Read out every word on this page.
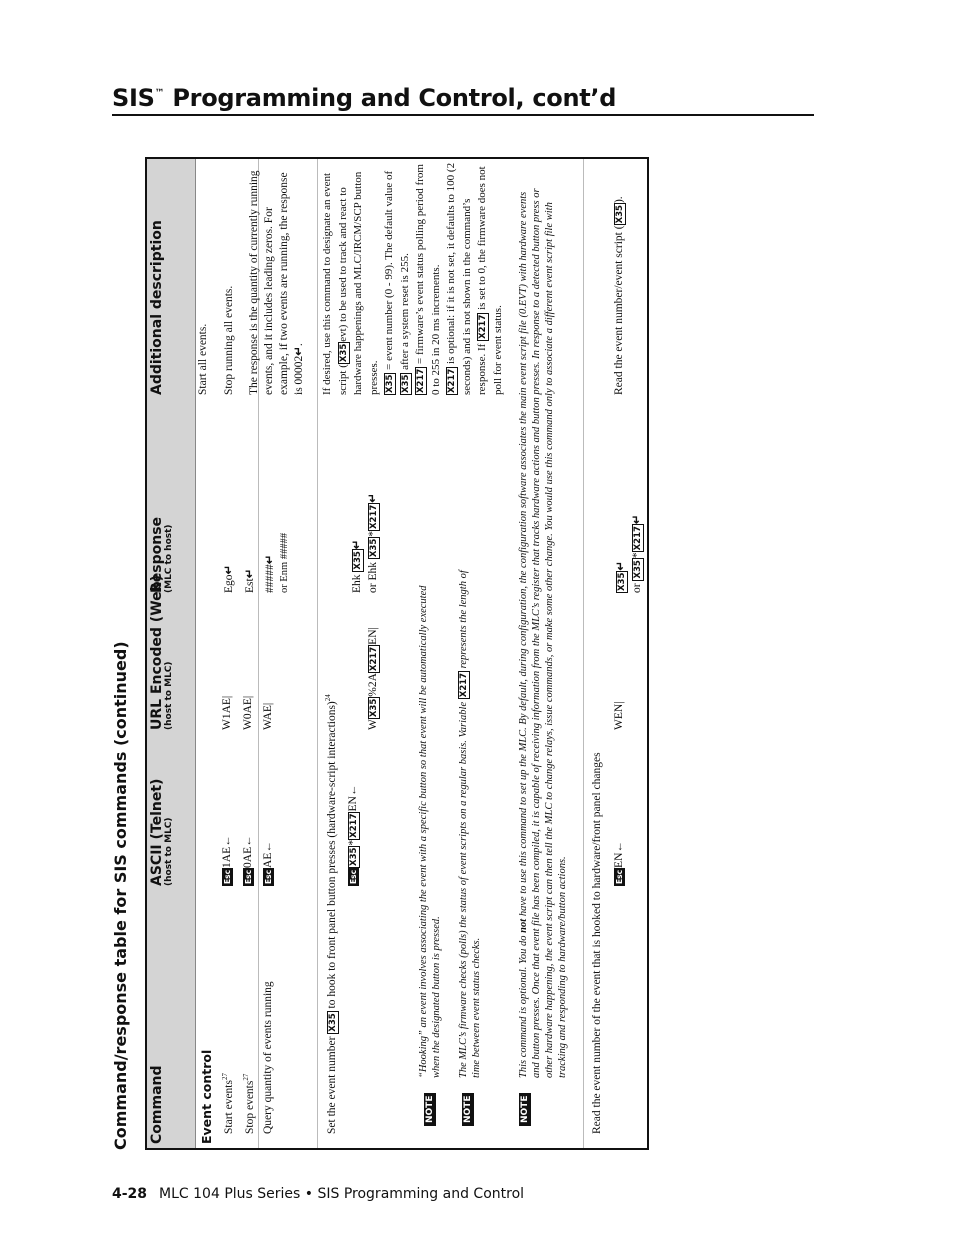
SIS™ Programming and Control, cont’d
Command/response table for SIS commands (continued) Command
ASCII (Telnet) (host to MLC)
URL Encoded (Web) (host to MLC)
Response (MLC to host)
Additional description
Event control Start events$^{27}$
Esc1AE ←
W1AE|
Ego ↵
Start all events.
Stop events$^{27}$
Esc0AE ←
W0AE|
Est ↵
Stop running all events.
Query quantity of events running
EscAE ←
WAE|
##### ↵ or Enm #####
The response is the quantity of currently running events, and it includes leading zeros. For example, if two events are running, the response is 00002 ↵.
Set the event number X35 to hook to front panel button presses (hardware-script interactions)$^{24}$
EscX35*X217EN ←
WX35%2AX217EN|
Ehk X35 ↵
or Ehk X35*X217 ↵
If desired, use this command to designate an event script (X35evt) to be used to track and react to hardware happenings and MLC/IRCM/SCP button presses. X35 = event number (0 - 99). The default value of X35 after a system reset is 255.
X217 = firmware’s event status polling period from 0 to 255 in 20 ms increments. X217 is optional: if it is not set, it defaults to 100 (2 seconds) and is not shown in the command’s response. If X217 is set to 0, the firmware does not poll for event status.
NOTE
“Hooking” an event involves associating the event with a specific button so that event will be automatically executed when the designated button is pressed.
NOTE
The MLC’s firmware checks (polls) the status of event scripts on a regular basis. Variable X217 represents the length of time between event status checks.
NOTE
This command is optional. You do not have to use this command to set up the MLC. By default, during configuration, the configuration software associates the main event script file (0.EVT) with hardware events and button presses. Once that event file has been compiled, it is capable of receiving information from the MLC’s register that tracks hardware actions and button presses. In response to a detected button press or other hardware happening, the event script can then tell the MLC to change relays, issue commands, or make some other change. You would use this command only to associate a different event script file with tracking and responding to hardware/button actions. Read the event number of the event that is hooked to hardware/front panel changes EscEN ←
WEN|
X35 ↵ or X35*X217 ↵
Read the event number/event script (X35).
4-28 MLC 104 Plus Series • SIS Programming and Control
